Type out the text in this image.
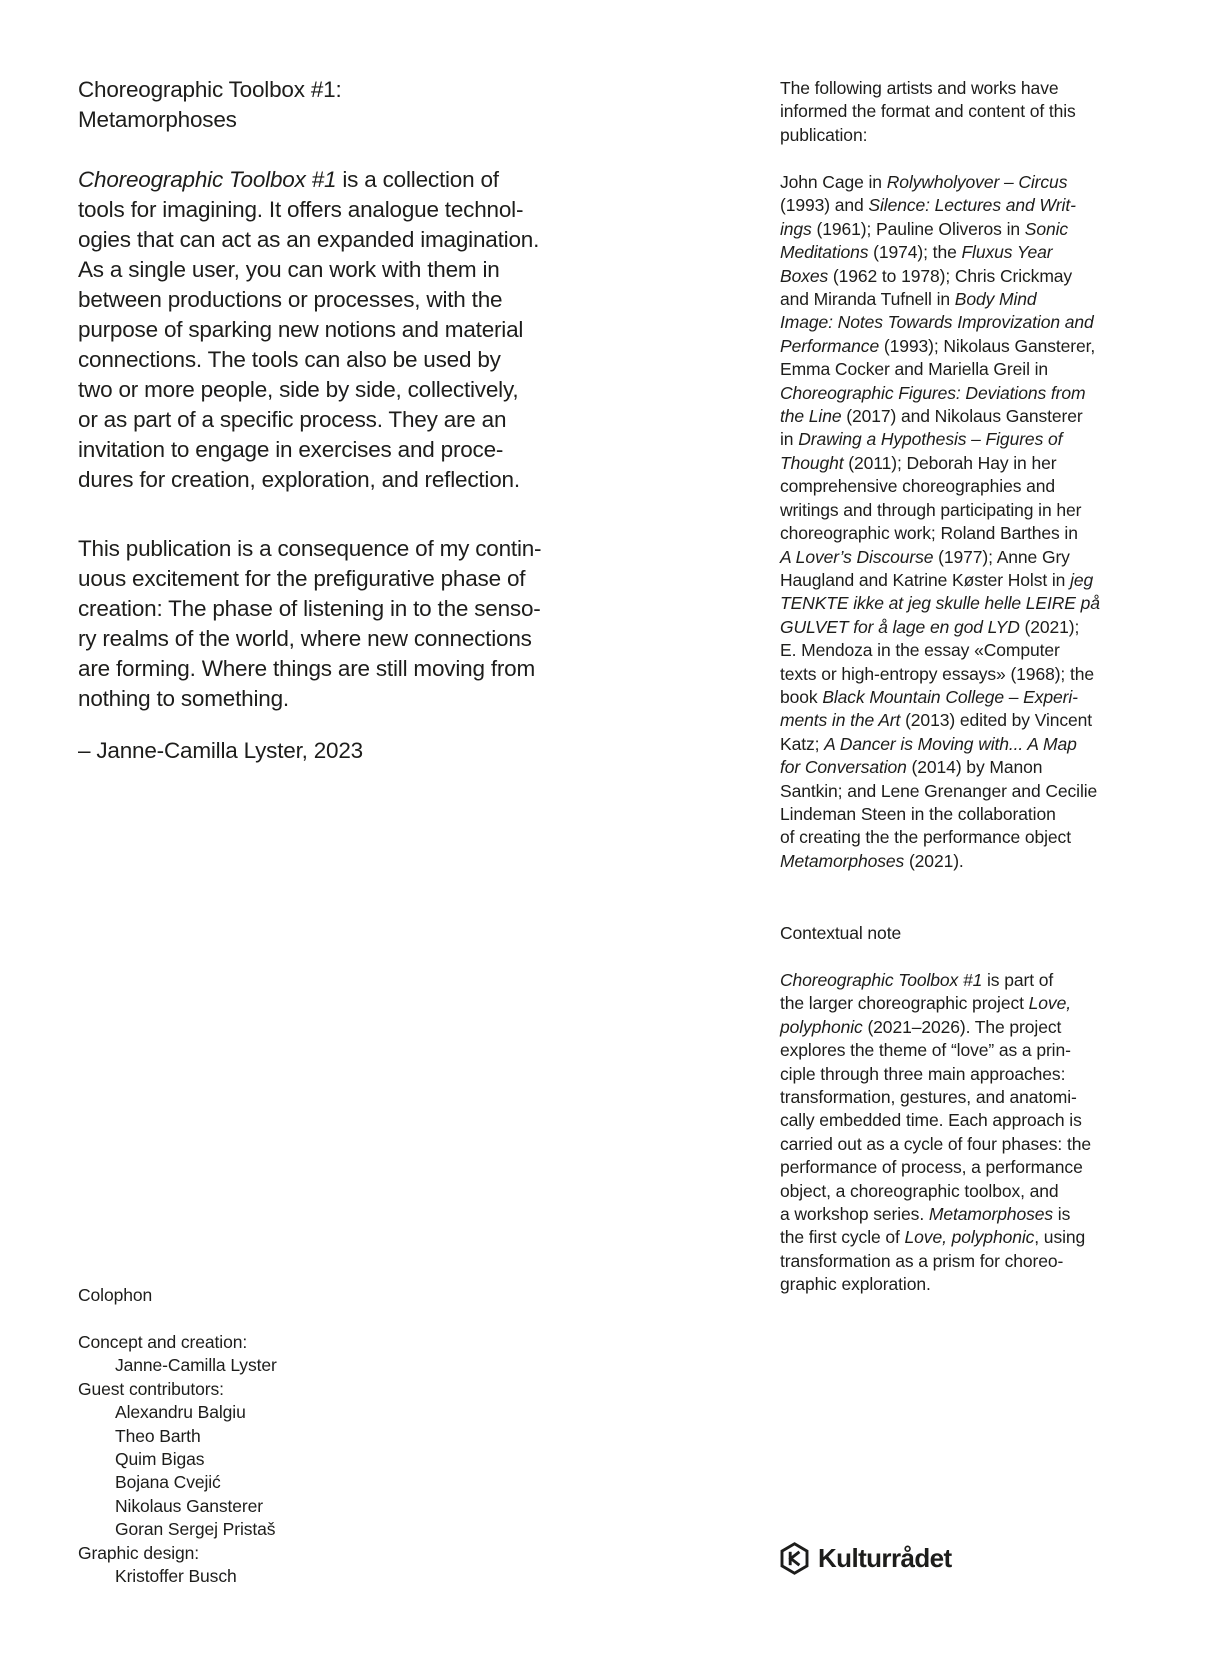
Choreographic Toolbox #1:
Metamorphoses
Choreographic Toolbox #1 is a collection of
tools for imagining. It offers analogue technol-
ogies that can act as an expanded imagination.
As a single user, you can work with them in
between productions or processes, with the
purpose of sparking new notions and material
connections. The tools can also be used by
two or more people, side by side, collectively,
or as part of a specific process. They are an
invitation to engage in exercises and proce-
dures for creation, exploration, and reflection.
This publication is a consequence of my contin-
uous excitement for the prefigurative phase of
creation: The phase of listening in to the senso-
ry realms of the world, where new connections
are forming. Where things are still moving from
nothing to something.
– Janne-Camilla Lyster, 2023
Colophon
Concept and creation:
Janne-Camilla Lyster
Guest contributors:
Alexandru Balgiu
Theo Barth
Quim Bigas
Bojana Cvejić
Nikolaus Gansterer
Goran Sergej Pristaš
Graphic design:
Kristoffer Busch
The following artists and works have
informed the format and content of this
publication:
John Cage in Rolywholyover – Circus
(1993) and Silence: Lectures and Writ-
ings (1961); Pauline Oliveros in Sonic
Meditations (1974); the Fluxus Year
Boxes (1962 to 1978); Chris Crickmay
and Miranda Tufnell in Body Mind
Image: Notes Towards Improvization and
Performance (1993); Nikolaus Gansterer,
Emma Cocker and Mariella Greil in
Choreographic Figures: Deviations from
the Line (2017) and Nikolaus Gansterer
in Drawing a Hypothesis – Figures of
Thought (2011); Deborah Hay in her
comprehensive choreographies and
writings and through participating in her
choreographic work; Roland Barthes in
A Lover’s Discourse (1977); Anne Gry
Haugland and Katrine Køster Holst in jeg
TENKTE ikke at jeg skulle helle LEIRE på
GULVET for å lage en god LYD (2021);
E. Mendoza in the essay «Computer
texts or high-entropy essays» (1968); the
book Black Mountain College – Experi-
ments in the Art (2013) edited by Vincent
Katz; A Dancer is Moving with... A Map
for Conversation (2014) by Manon
Santkin; and Lene Grenanger and Cecilie
Lindeman Steen in the collaboration
of creating the the performance object
Metamorphoses (2021).
Contextual note
Choreographic Toolbox #1 is part of
the larger choreographic project Love,
polyphonic (2021–2026). The project
explores the theme of “love” as a prin-
ciple through three main approaches:
transformation, gestures, and anatomi-
cally embedded time. Each approach is
carried out as a cycle of four phases: the
performance of process, a performance
object, a choreographic toolbox, and
a workshop series. Metamorphoses is
the first cycle of Love, polyphonic, using
transformation as a prism for choreo-
graphic exploration.
Kulturrådet
